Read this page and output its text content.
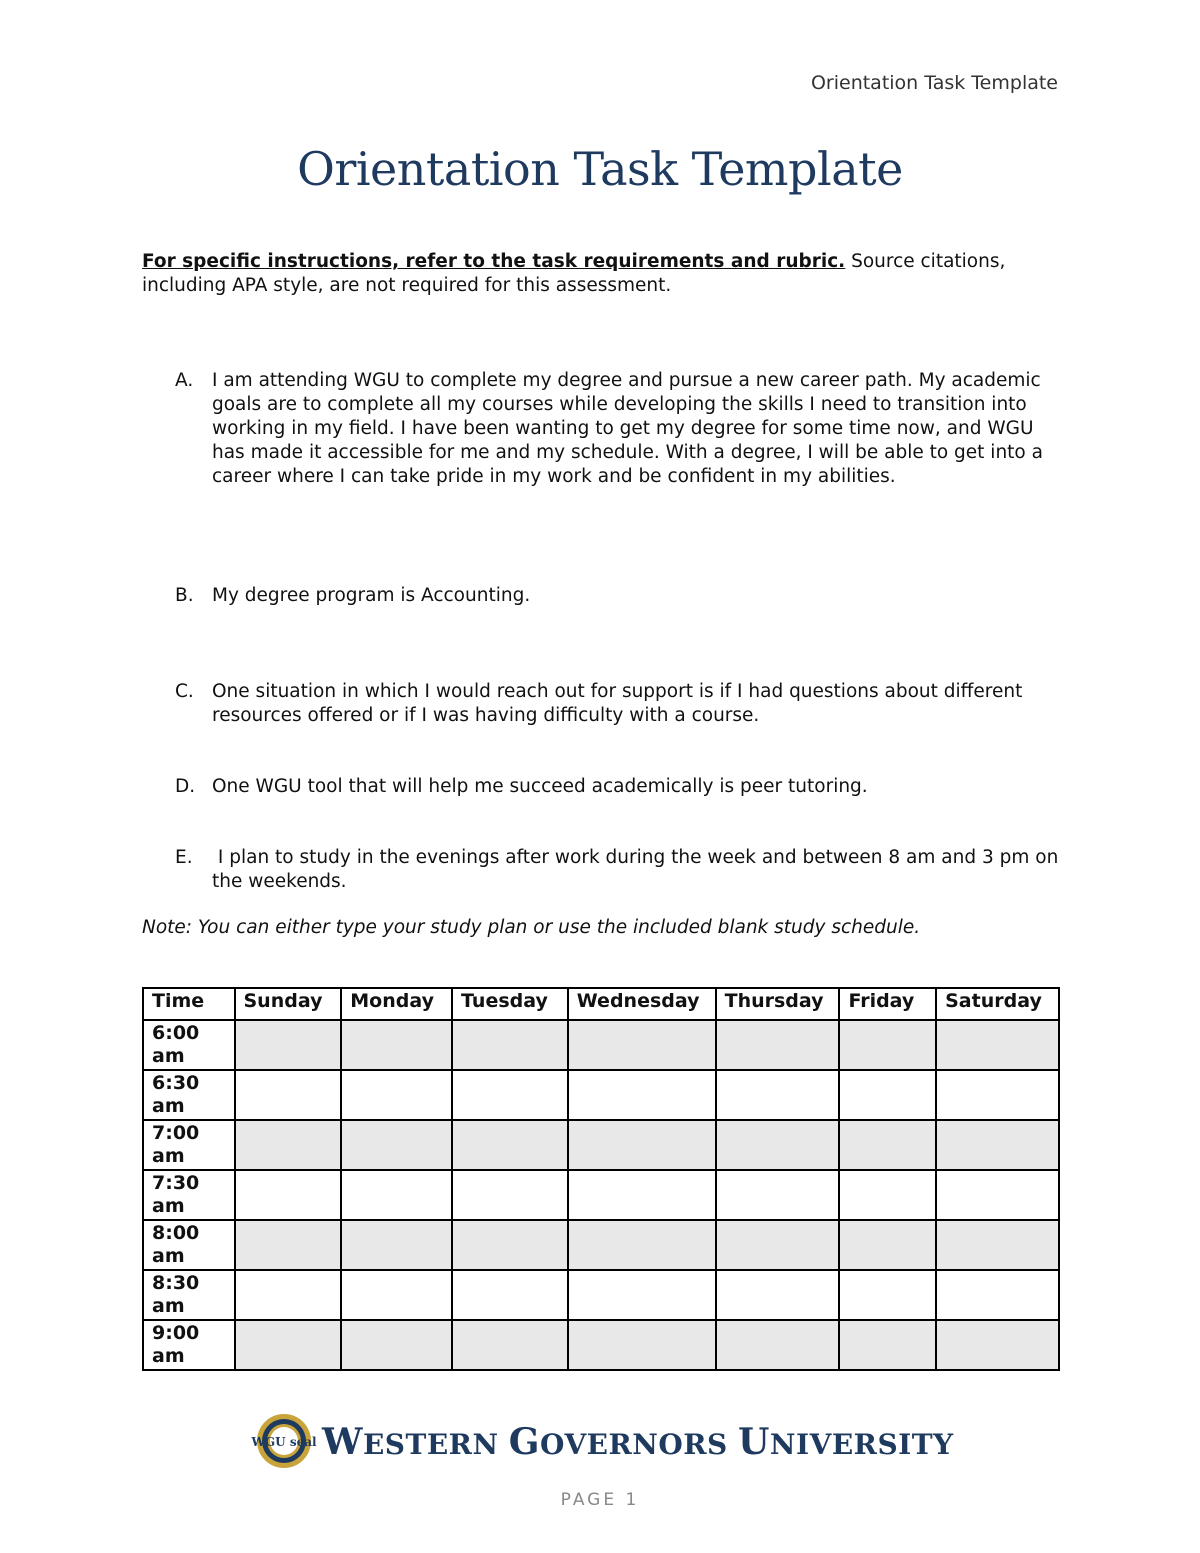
Orientation Task Template
Orientation Task Template
For specific instructions, refer to the task requirements and rubric. Source citations,
including APA style, are not required for this assessment.
A. I am attending WGU to complete my degree and pursue a new career path. My academic goals are to complete all my courses while developing the skills I need to transition into working in my field. I have been wanting to get my degree for some time now, and WGU has made it accessible for me and my schedule. With a degree, I will be able to get into a career where I can take pride in my work and be confident in my abilities.
B. My degree program is Accounting.
C. One situation in which I would reach out for support is if I had questions about different resources offered or if I was having difficulty with a course.
D. One WGU tool that will help me succeed academically is peer tutoring.
E. I plan to study in the evenings after work during the week and between 8 am and 3 pm on the weekends.
Note: You can either type your study plan or use the included blank study schedule.
Time	Sunday	Monday	Tuesday	Wednesday	Thursday	Friday	Saturday
6:00 am							
6:30 am							
7:00 am							
7:30 am							
8:00 am							
8:30 am							
9:00 am							
WGU seal WESTERN GOVERNORS UNIVERSITY
PAGE 1
